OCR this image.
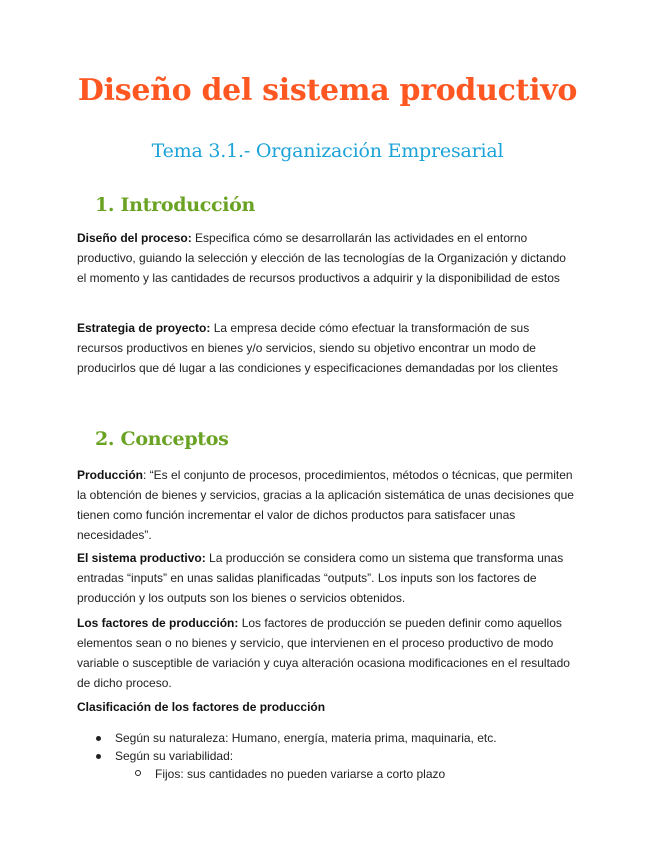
Diseño del sistema productivo
Tema 3.1.- Organización Empresarial
1. Introducción

Diseño del proceso: Especifica cómo se desarrollarán las actividades en el entorno productivo, guiando la selección y elección de las tecnologías de la Organización y dictando el momento y las cantidades de recursos productivos a adquirir y la disponibilidad de estos

Estrategia de proyecto: La empresa decide cómo efectuar la transformación de sus recursos productivos en bienes y/o servicios, siendo su objetivo encontrar un modo de producirlos que dé lugar a las condiciones y especificaciones demandadas por los clientes

2. Conceptos

Producción: “Es el conjunto de procesos, procedimientos, métodos o técnicas, que permiten la obtención de bienes y servicios, gracias a la aplicación sistemática de unas decisiones que tienen como función incrementar el valor de dichos productos para satisfacer unas necesidades”.

El sistema productivo: La producción se considera como un sistema que transforma unas entradas “inputs” en unas salidas planificadas “outputs”. Los inputs son los factores de producción y los outputs son los bienes o servicios obtenidos.

Los factores de producción: Los factores de producción se pueden definir como aquellos elementos sean o no bienes y servicio, que intervienen en el proceso productivo de modo variable o susceptible de variación y cuya alteración ocasiona modificaciones en el resultado de dicho proceso.

Clasificación de los factores de producción

Según su naturaleza: Humano, energía, materia prima, maquinaria, etc.
Según su variabilidad:
Fijos: sus cantidades no pueden variarse a corto plazo
